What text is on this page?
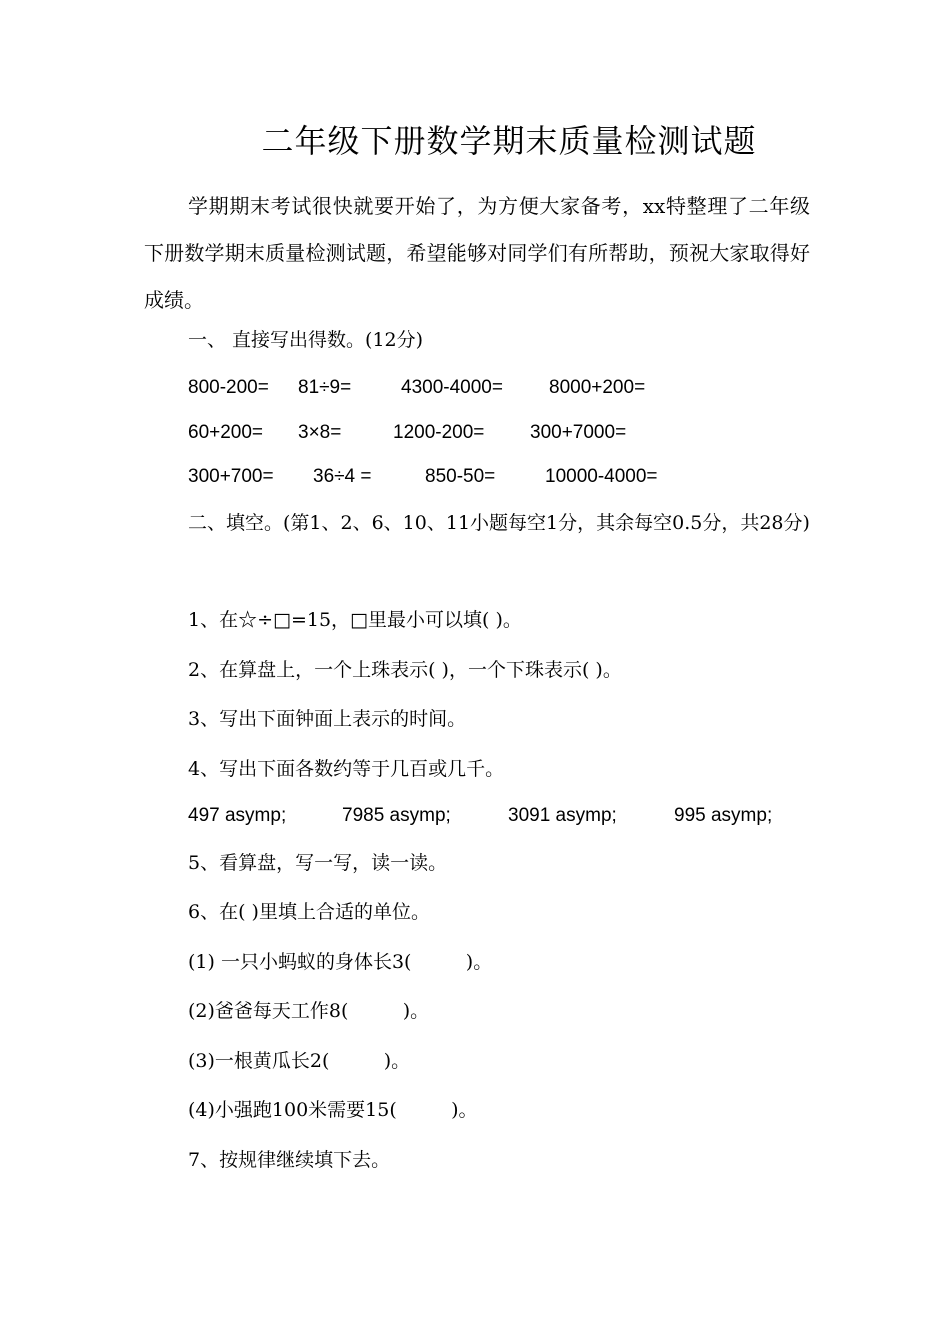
二年级下册数学期末质量检测试题
学期期末考试很快就要开始了，为方便大家备考，xx特整理了二年级下册数学期末质量检测试题，希望能够对同学们有所帮助，预祝大家取得好成绩。
一、 直接写出得数。(12分)
800-200= 81÷9=	4300-4000= 8000+200=
60+200= 3×8=	1200-200= 300+7000=
300+700= 36÷4 =	850-50=	10000-4000=
二、填空。(第1、2、6、10、11小题每空1分，其余每空0.5分，共28分)
1、在☆÷□=15，□里最小可以填( )。
2、在算盘上，一个上珠表示( )，一个下珠表示( )。
3、写出下面钟面上表示的时间。
4、写出下面各数约等于几百或几千。
497 asymp;	7985 asymp;	3091 asymp;	995 asymp;
5、看算盘，写一写，读一读。
6、在( )里填上合适的单位。
(1) 一只小蚂蚁的身体长3(         )。
(2)爸爸每天工作8(         )。
(3)一根黄瓜长2(         )。
(4)小强跑100米需要15(         )。
7、按规律继续填下去。
